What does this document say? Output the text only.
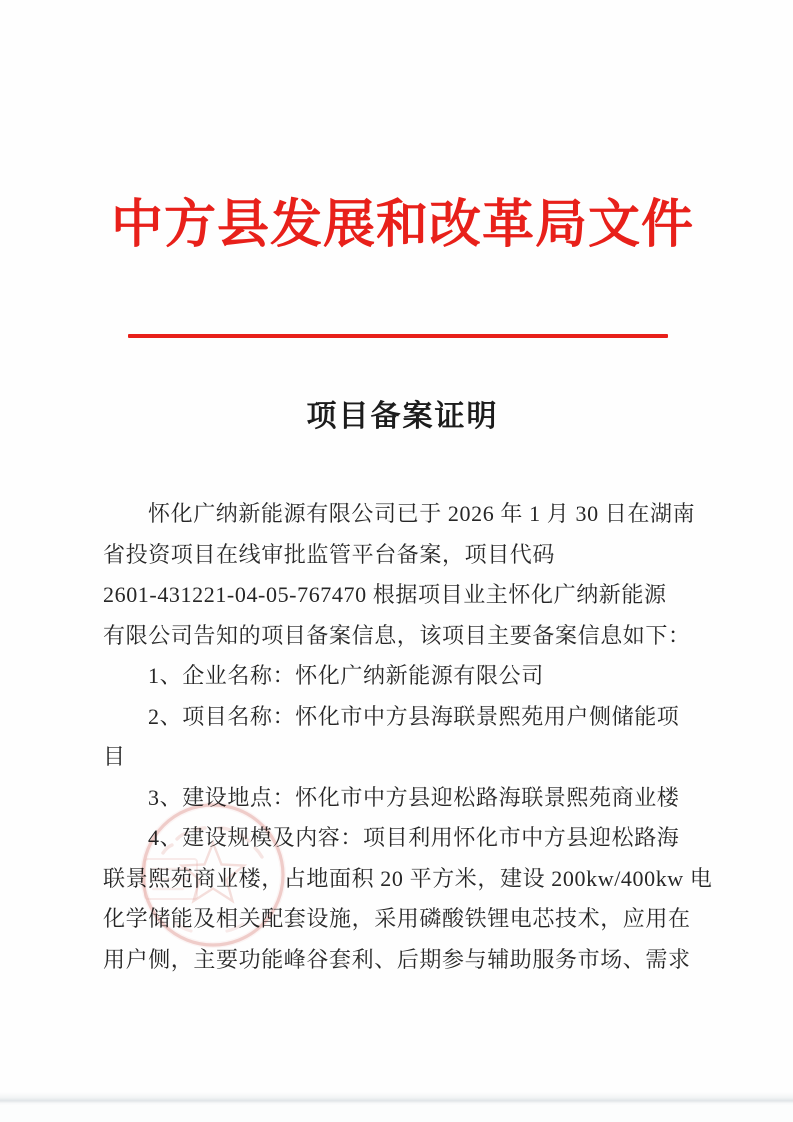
中方县发展和改革局文件
项目备案证明
怀化广纳新能源有限公司已于 2026 年 1 月 30 日在湖南
省投资项目在线审批监管平台备案，项目代码
2601-431221-04-05-767470 根据项目业主怀化广纳新能源
有限公司告知的项目备案信息，该项目主要备案信息如下：
1、企业名称：怀化广纳新能源有限公司
2、项目名称：怀化市中方县海联景熙苑用户侧储能项
目
3、建设地点：怀化市中方县迎松路海联景熙苑商业楼
4、建设规模及内容：项目利用怀化市中方县迎松路海
联景熙苑商业楼，占地面积 20 平方米，建设 200kw/400kw 电
化学储能及相关配套设施，采用磷酸铁锂电芯技术，应用在
用户侧，主要功能峰谷套利、后期参与辅助服务市场、需求
